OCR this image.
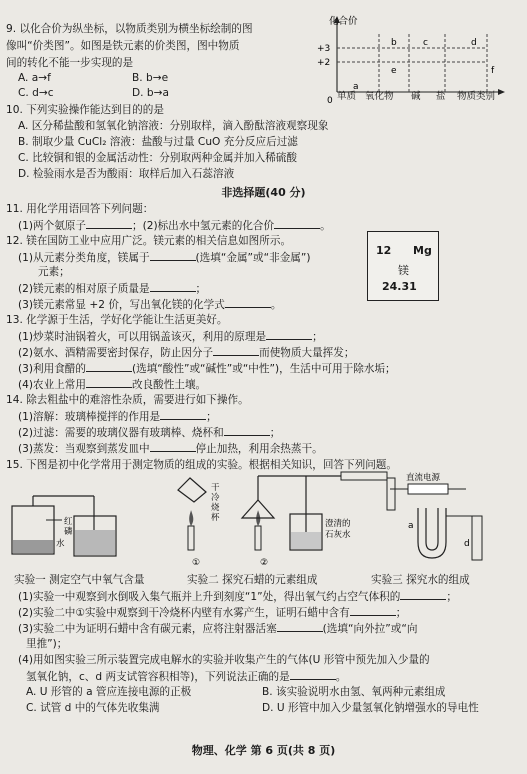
9. 以化合价为纵坐标，以物质类别为横坐标绘制的图
像叫“价类图”。如图是铁元素的价类图，图中物质
间的转化不能一步实现的是
A. a→f	B. b→e
C. d→c	D. b→a
化合价
+3
+2
0
a
b	c	d
e	f
单质 氧化物 碱 盐 物质类别
10. 下列实验操作能达到目的的是
A. 区分稀盐酸和氢氧化钠溶液：分别取样，滴入酚酞溶液观察现象
B. 制取少量 CuCl₂ 溶液：盐酸与过量 CuO 充分反应后过滤
C. 比较铜和银的金属活动性：分别取两种金属并加入稀硫酸
D. 检验雨水是否为酸雨：取样后加入石蕊溶液
非选择题(40 分)
11. 用化学用语回答下列问题：
(1)两个氨原子	；(2)标出水中氢元素的化合价	。
12. 镁在国防工业中应用广泛。镁元素的相关信息如图所示。
(1)从元素分类角度，镁属于	(选填“金属”或“非金属”)
元素；
(2)镁元素的相对原子质量是	；
(3)镁元素常显 +2 价，写出氧化镁的化学式	。
12 Mg
镁
24.31
13. 化学源于生活，学好化学能让生活更美好。
(1)炒菜时油锅着火，可以用锅盖该灭，利用的原理是	；
(2)氨水、酒精需要密封保存，防止因分子	而使物质大量挥发；
(3)利用食醋的	(选填“酸性”或“碱性”或“中性”)，生活中可用于除水垢；
(4)农业上常用	改良酸性土壤。
14. 除去粗盐中的难溶性杂质，需要进行如下操作。
(1)溶解：玻璃棒搅拌的作用是	；
(2)过滤：需要的玻璃仪器有玻璃棒、烧杯和	；
(3)蒸发：当观察到蒸发皿中	停止加热，利用余热蒸干。
15. 下图是初中化学常用于测定物质的组成的实验。根据相关知识，回答下列问题。
红
磷
水
干
冷
烧
杯
①
澄清的
石灰水
②
直流电源
a
d
实验一 测定空气中氧气含量	实验二 探究石蜡的元素组成	实验三 探究水的组成
(1)实验一中观察到水倒吸入集气瓶并上升到刻度“1”处，得出氧气约占空气体积的	；
(2)实验二中①实验中观察到干冷烧杯内壁有水雾产生，证明石蜡中含有	；
(3)实验二中为证明石蜡中含有碳元素，应将注射器活塞	(选填“向外拉”或“向
里推”)；
(4)用如图实验三所示装置完成电解水的实验并收集产生的气体(U 形管中预先加入少量的
氢氧化钠，c、d 两支试管容积相等)，下列说法正确的是	。
A. U 形管的 a 管应连接电源的正极	B. 该实验说明水由氢、氧两种元素组成
C. 试管 d 中的气体先收集满	D. U 形管中加入少量氢氧化钠增强水的导电性
物理、化学 第 6 页(共 8 页)
